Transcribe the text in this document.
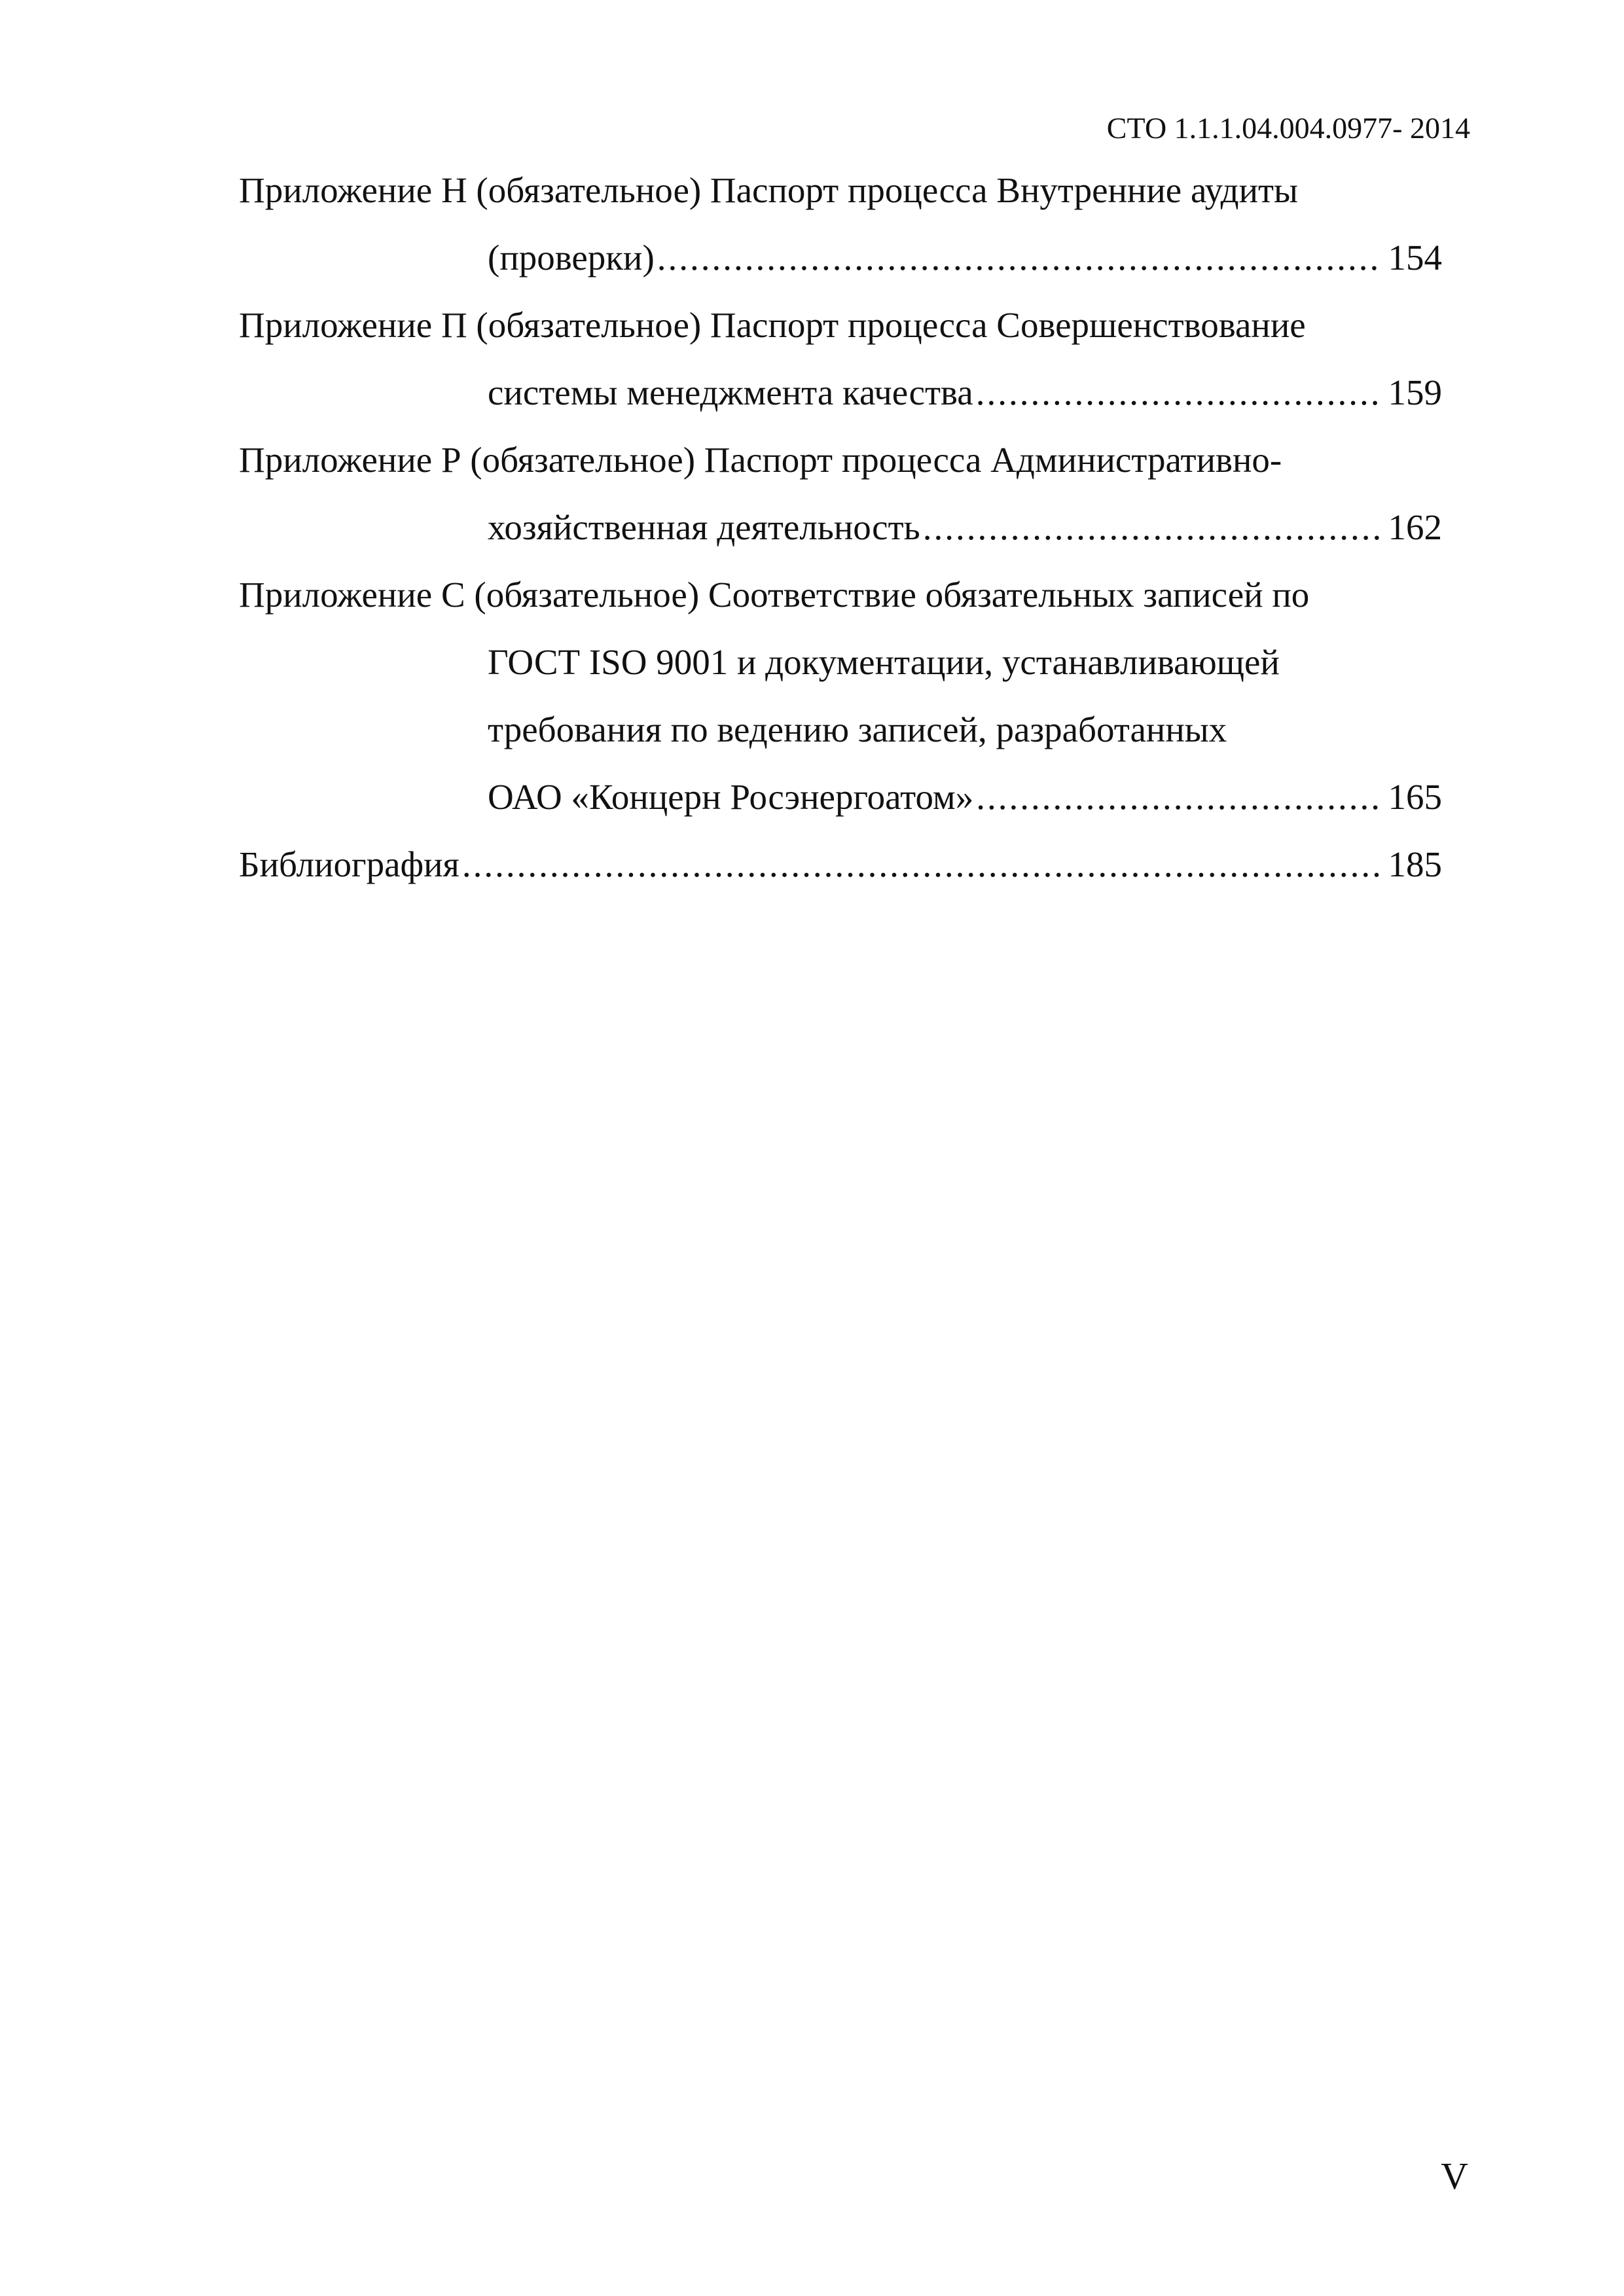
СТО 1.1.1.04.004.0977- 2014
Приложение Н (обязательное) Паспорт процесса Внутренние аудиты
(проверки) .....	154
Приложение П (обязательное) Паспорт процесса Совершенствование
системы менеджмента качества .....	159
Приложение Р (обязательное) Паспорт процесса Административно-
хозяйственная деятельность .....	162
Приложение С (обязательное) Соответствие обязательных записей по
ГОСТ ISO 9001 и документации, устанавливающей
требования по ведению записей, разработанных
ОАО «Концерн Росэнергоатом» .....	165
Библиография .....	185
V
